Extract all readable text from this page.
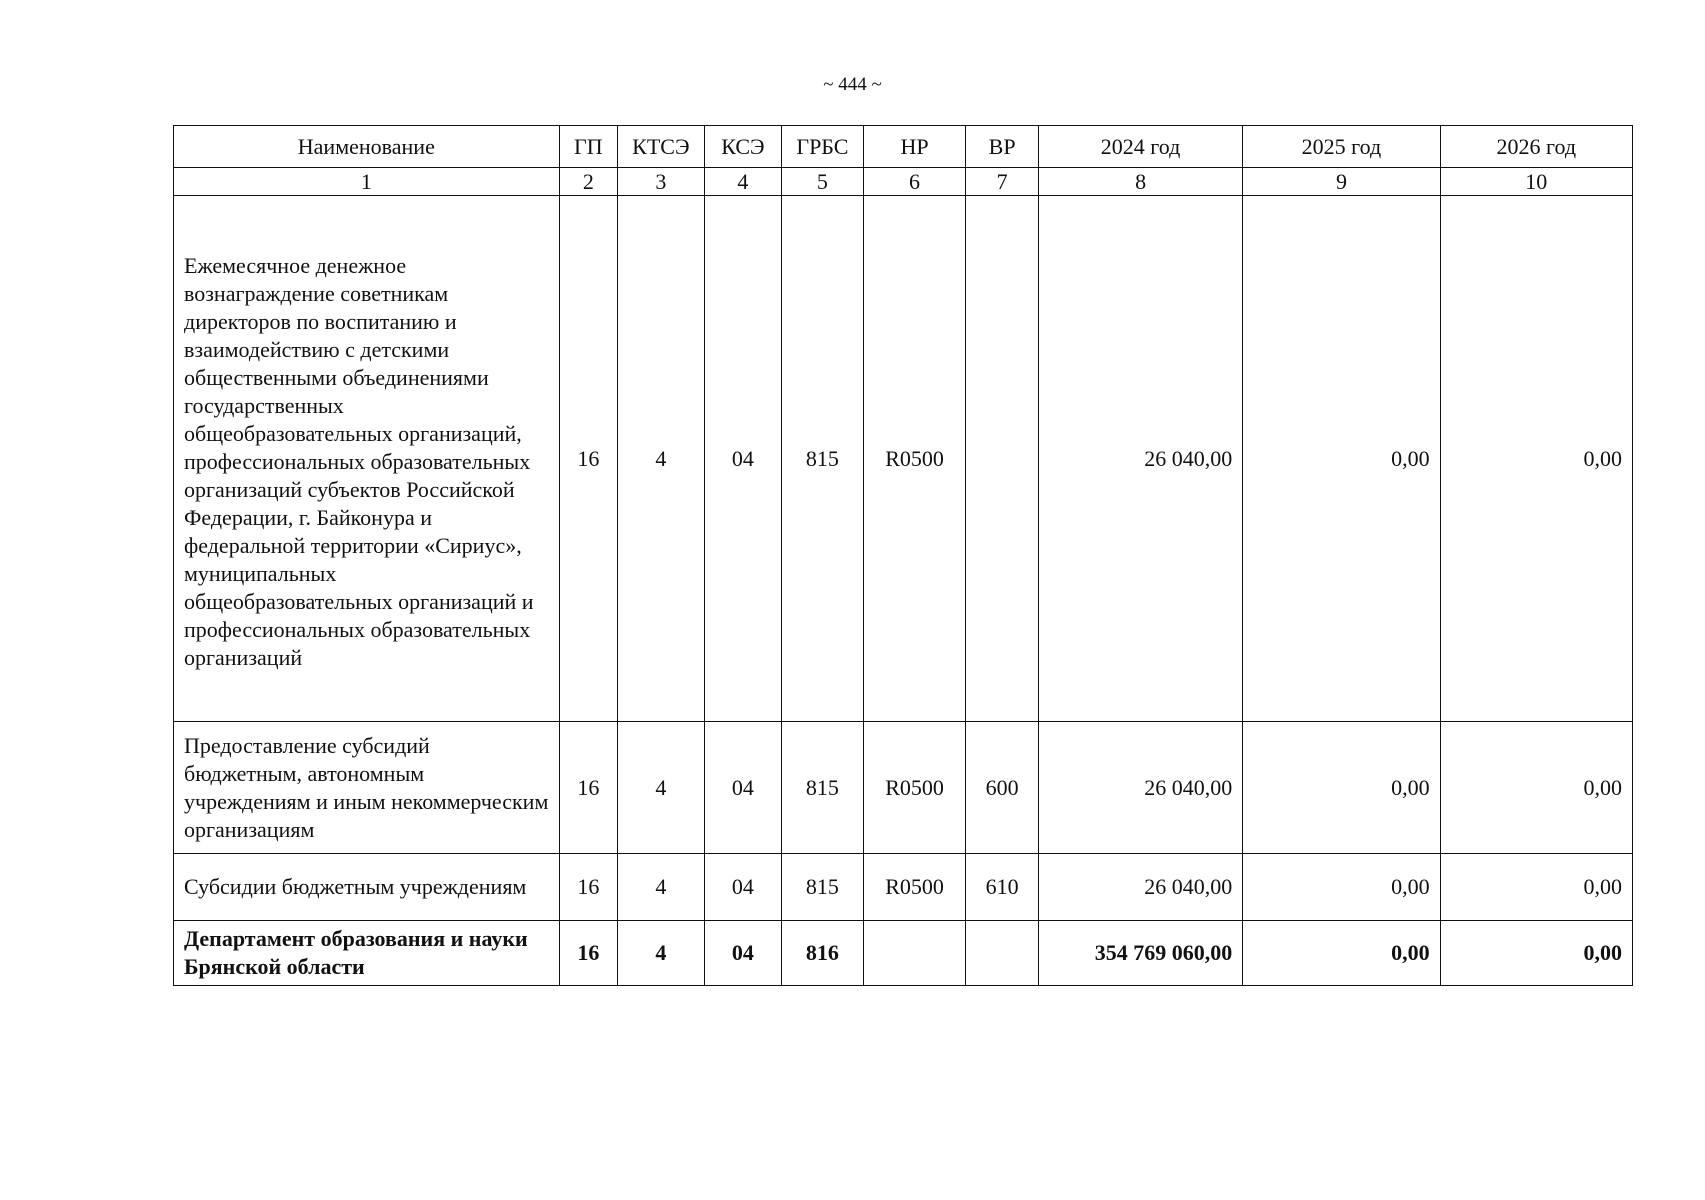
~ 444 ~
Наименование	ГП	КТСЭ	КСЭ	ГРБС	НР	ВР	2024 год	2025 год	2026 год
1	2	3	4	5	6	7	8	9	10
Ежемесячное денежное вознаграждение советникам директоров по воспитанию и взаимодействию с детскими общественными объединениями государственных общеобразовательных организаций, профессиональных образовательных организаций субъектов Российской Федерации, г. Байконура и федеральной территории «Сириус», муниципальных общеобразовательных организаций и профессиональных образовательных организаций	16	4	04	815	R0500		26 040,00	0,00	0,00
Предоставление субсидий бюджетным, автономным учреждениям и иным некоммерческим организациям	16	4	04	815	R0500	600	26 040,00	0,00	0,00
Субсидии бюджетным учреждениям	16	4	04	815	R0500	610	26 040,00	0,00	0,00
Департамент образования и науки Брянской области	16	4	04	816			354 769 060,00	0,00	0,00
